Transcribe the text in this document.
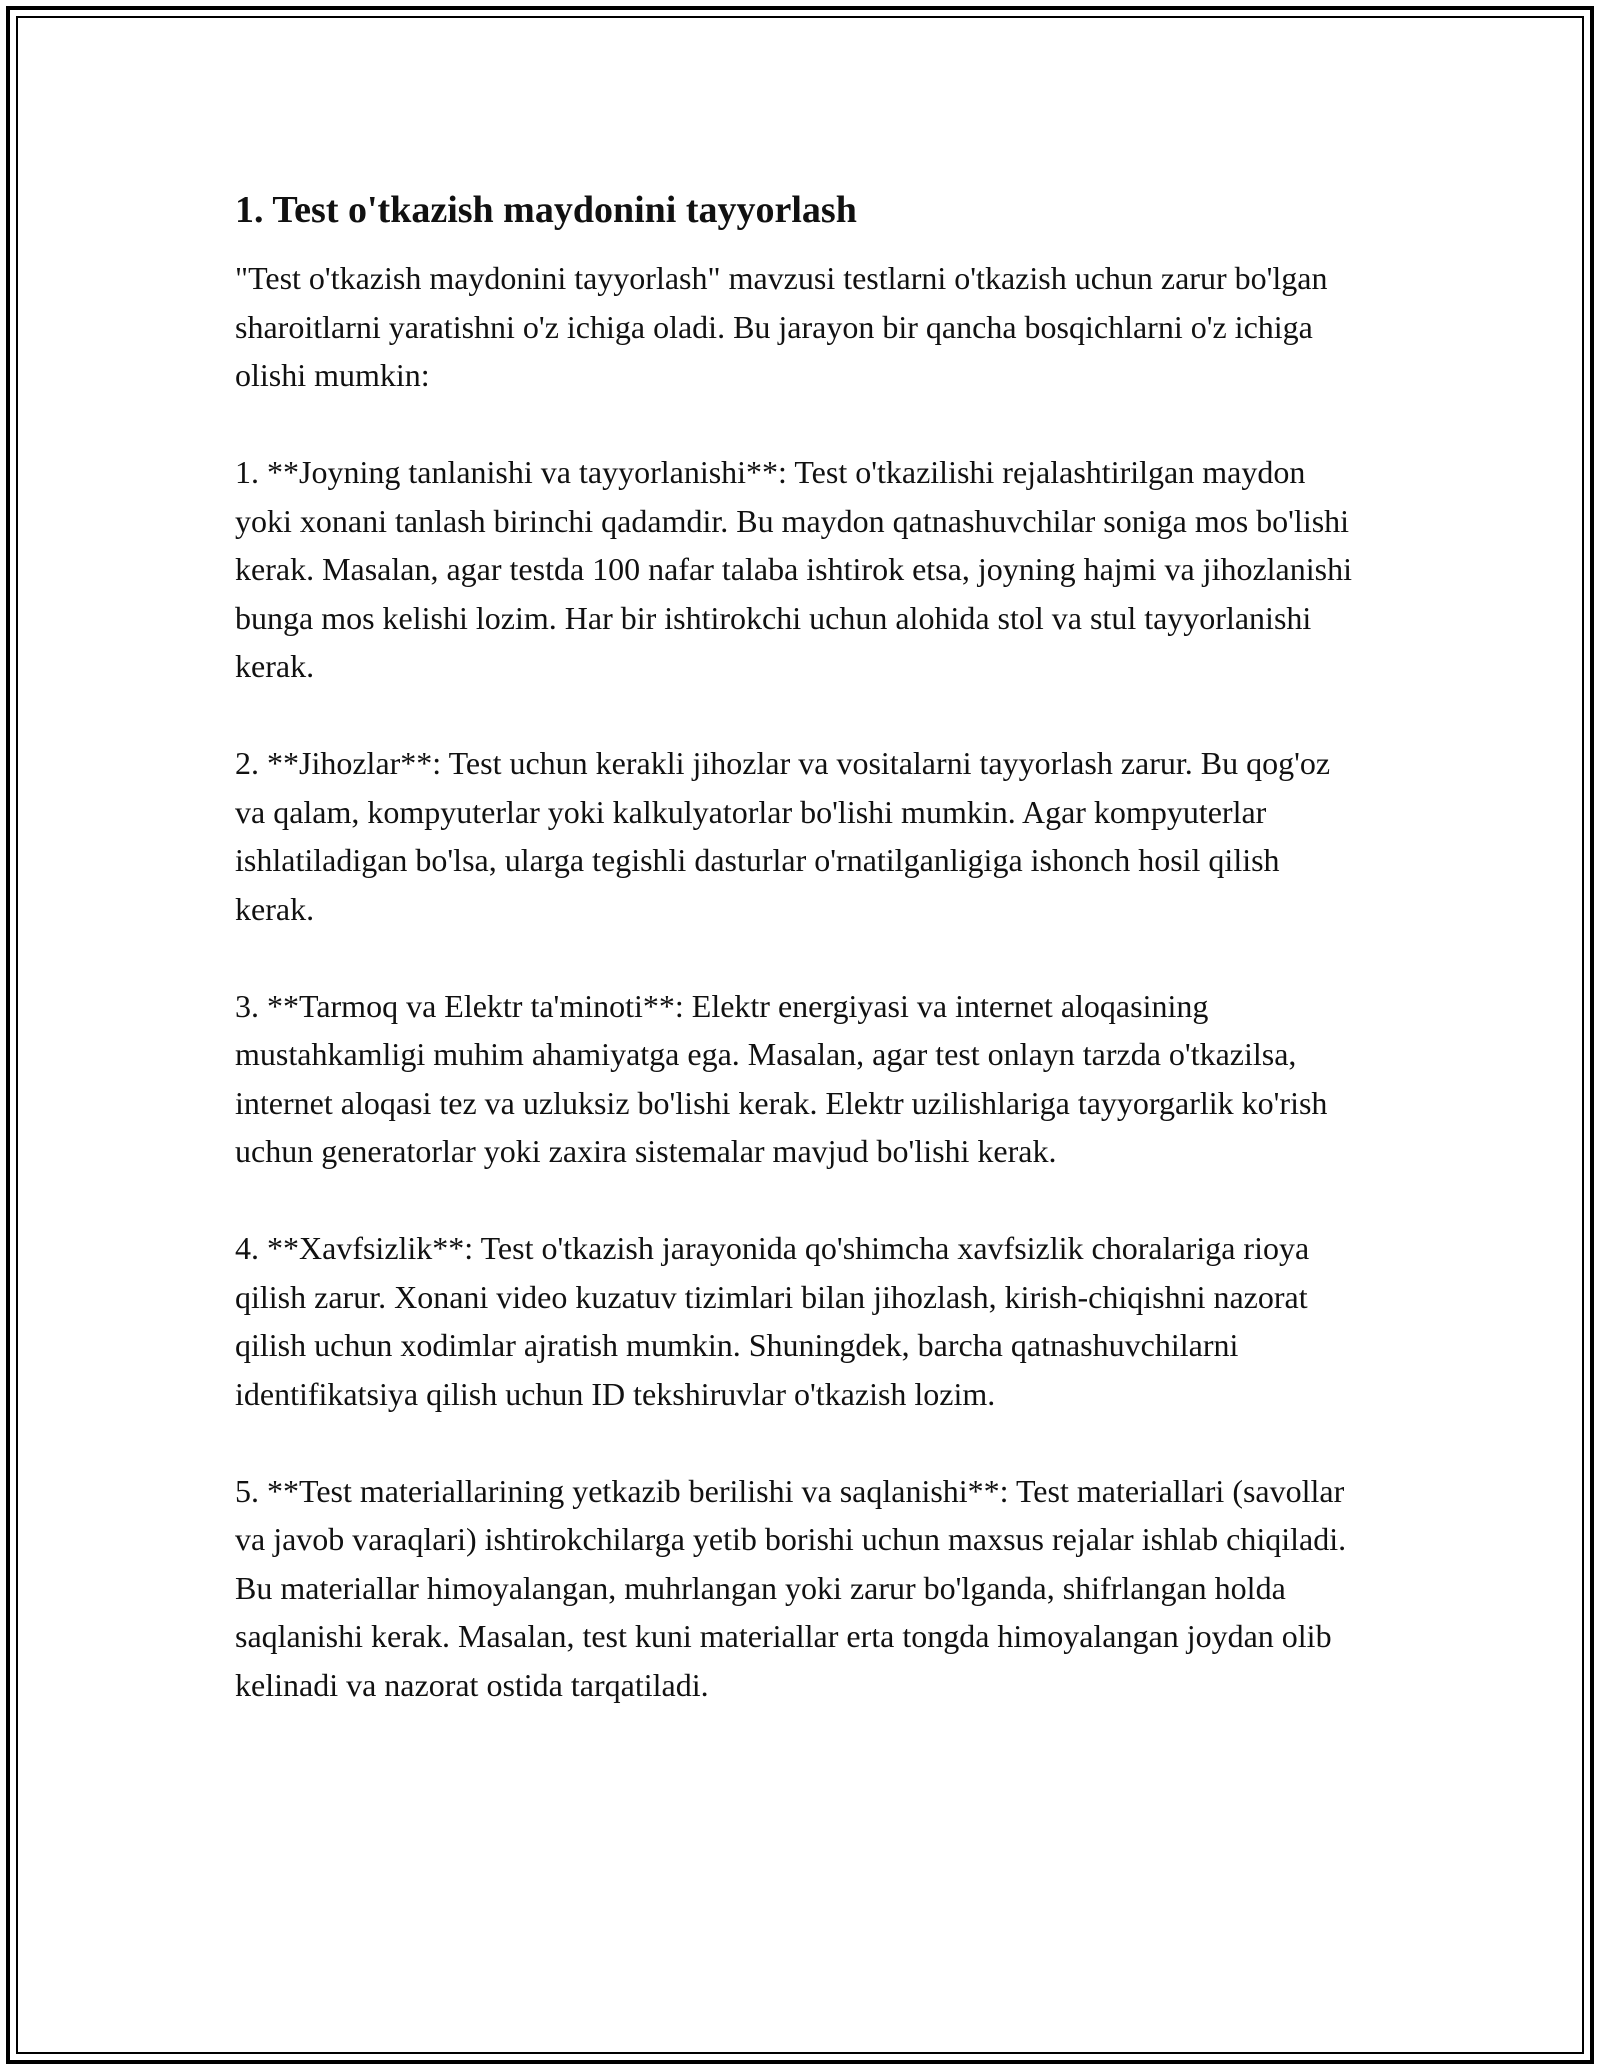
1. Test o'tkazish maydonini tayyorlash

"Test o'tkazish maydonini tayyorlash" mavzusi testlarni o'tkazish uchun zarur bo'lgan sharoitlarni yaratishni o'z ichiga oladi. Bu jarayon bir qancha bosqichlarni o'z ichiga olishi mumkin:

1. **Joyning tanlanishi va tayyorlanishi**: Test o'tkazilishi rejalashtirilgan maydon yoki xonani tanlash birinchi qadamdir. Bu maydon qatnashuvchilar soniga mos bo'lishi kerak. Masalan, agar testda 100 nafar talaba ishtirok etsa, joyning hajmi va jihozlanishi bunga mos kelishi lozim. Har bir ishtirokchi uchun alohida stol va stul tayyorlanishi kerak.

2. **Jihozlar**: Test uchun kerakli jihozlar va vositalarni tayyorlash zarur. Bu qog'oz va qalam, kompyuterlar yoki kalkulyatorlar bo'lishi mumkin. Agar kompyuterlar ishlatiladigan bo'lsa, ularga tegishli dasturlar o'rnatilganligiga ishonch hosil qilish kerak.

3. **Tarmoq va Elektr ta'minoti**: Elektr energiyasi va internet aloqasining mustahkamligi muhim ahamiyatga ega. Masalan, agar test onlayn tarzda o'tkazilsa, internet aloqasi tez va uzluksiz bo'lishi kerak. Elektr uzilishlariga tayyorgarlik ko'rish uchun generatorlar yoki zaxira sistemalar mavjud bo'lishi kerak.

4. **Xavfsizlik**: Test o'tkazish jarayonida qo'shimcha xavfsizlik choralariga rioya qilish zarur. Xonani video kuzatuv tizimlari bilan jihozlash, kirish-chiqishni nazorat qilish uchun xodimlar ajratish mumkin. Shuningdek, barcha qatnashuvchilarni identifikatsiya qilish uchun ID tekshiruvlar o'tkazish lozim.

5. **Test materiallarining yetkazib berilishi va saqlanishi**: Test materiallari (savollar va javob varaqlari) ishtirokchilarga yetib borishi uchun maxsus rejalar ishlab chiqiladi. Bu materiallar himoyalangan, muhrlangan yoki zarur bo'lganda, shifrlangan holda saqlanishi kerak. Masalan, test kuni materiallar erta tongda himoyalangan joydan olib kelinadi va nazorat ostida tarqatiladi.
